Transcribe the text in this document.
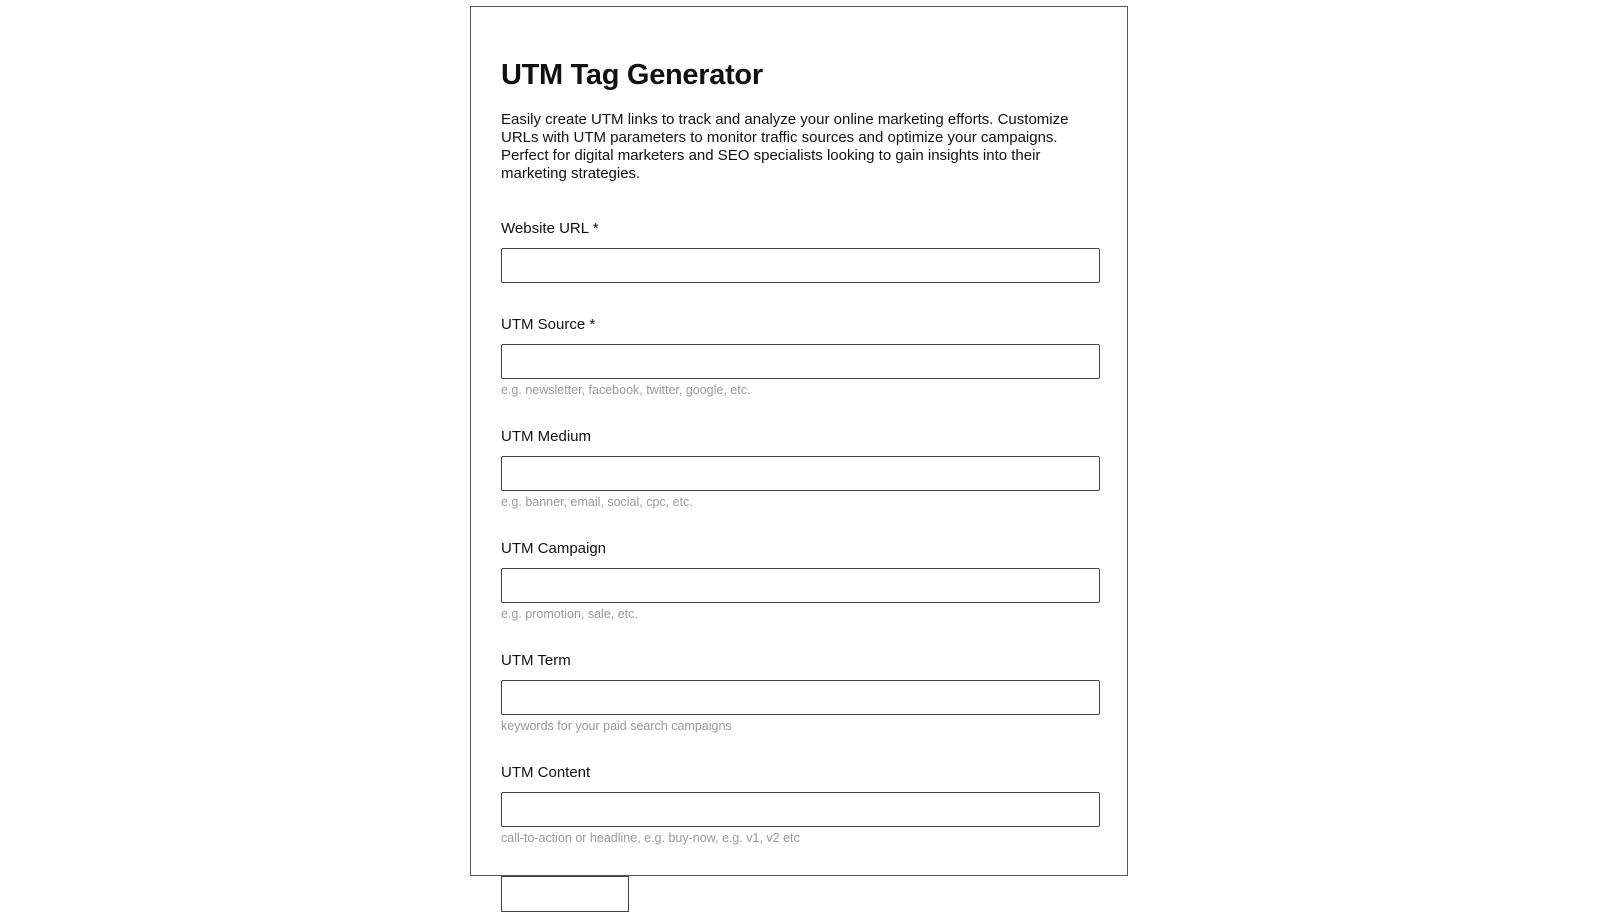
UTM Tag Generator

Easily create UTM links to track and analyze your online marketing efforts. Customize URLs with UTM parameters to monitor traffic sources and optimize your campaigns. Perfect for digital marketers and SEO specialists looking to gain insights into their marketing strategies.

Website URL *
UTM Source *
e.g. newsletter, facebook, twitter, google, etc.
UTM Medium
e.g. banner, email, social, cpc, etc.
UTM Campaign
e.g. promotion, sale, etc.
UTM Term
keywords for your paid search campaigns
UTM Content
call-to-action or headline, e.g. buy-now, e.g. v1, v2 etc
